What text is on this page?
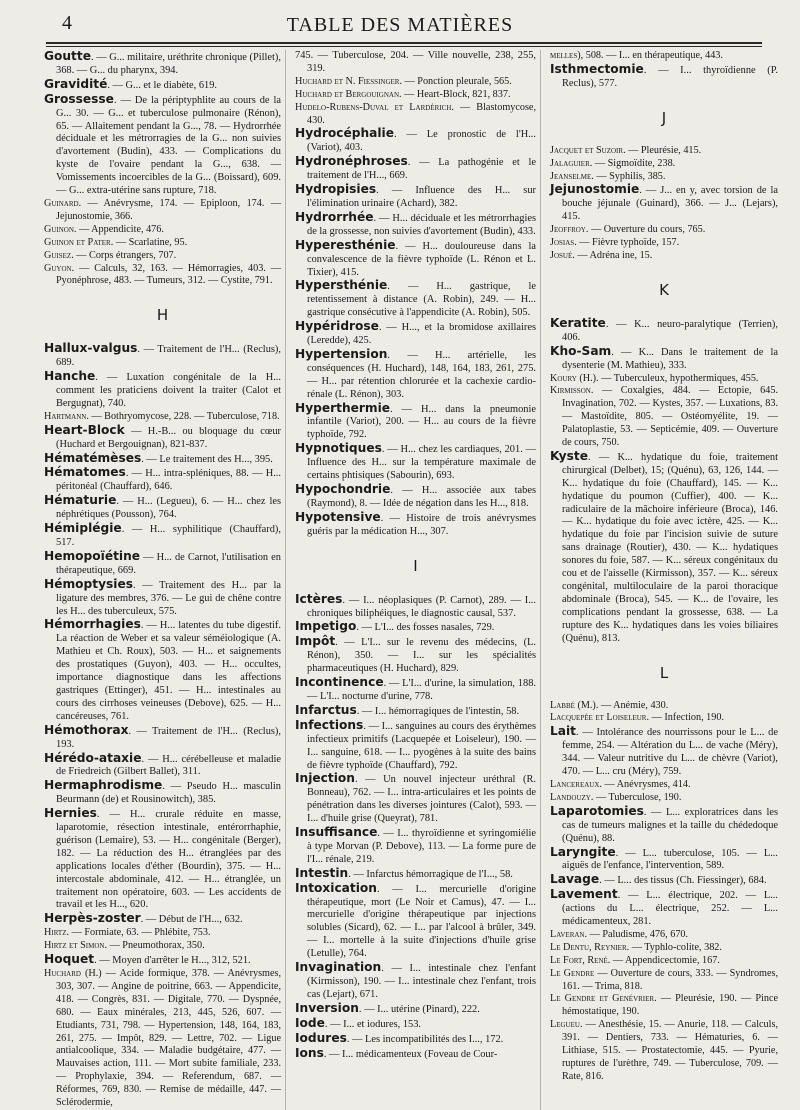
4	TABLE DES MATIÈRES

Goutte. — G... militaire, uréthrite chronique (Pillet), 368. — G... du pharynx, 394.

Gravidité. — G... et le diabète, 619.

Grossesse. — De la périptyphlite au cours de la G... 30. — G... et tuberculose pulmonaire (Rénon), 65. — Allaitement pendant la G..., 78. — Hydrorrhée déciduale et les métrorragies de la G... non suivies d'avortement (Budin), 433. — Complications du kyste de l'ovaire pendant la G..., 638. — Vomissements incoercibles de la G... (Boissard), 609. — G... extra-utérine sans rupture, 718.

Guinard. — Anévrysme, 174. — Epiploon, 174. — Jejunostomie, 366.

Guinon. — Appendicite, 476.

Guinon et Pater. — Scarlatine, 95.

Guisez. — Corps étrangers, 707.

Guyon. — Calculs, 32, 163. — Hémorragies, 403. — Pyonéphrose, 483. — Tumeurs, 312. — Cystite, 791.

H

Hallux-valgus. — Traitement de l'H... (Reclus), 689.

Hanche. — Luxation congénitale de la H... comment les praticiens doivent la traiter (Calot et Bergugnat), 740.

Hartmann. — Bothryomycose, 228. — Tuberculose, 718.

Heart-Block — H.-B... ou bloquage du cœur (Huchard et Bergouignan), 821-837.

Hématémèses. — Le traitement des H..., 395.

Hématomes. — H... intra-spléniques, 88. — H... péritonéal (Chauffard), 646.

Hématurie. — H... (Legueu), 6. — H... chez les néphrétiques (Pousson), 764.

Hémiplégie. — H... syphilitique (Chauffard), 517.

Hemopoïétine — H... de Carnot, l'utilisation en thérapeutique, 669.

Hémoptysies. — Traitement des H... par la ligature des membres, 376. — Le gui de chêne contre les H... des tuberculeux, 575.

Hémorrhagies. — H... latentes du tube digestif. La réaction de Weber et sa valeur séméiologique (A. Mathieu et Ch. Roux), 503. — H... et saignements des prostatiques (Guyon), 403. — H... occultes, importance diagnostique dans les affections gastriques (Ettinger), 451. — H... intestinales au cours des cirrhoses veineuses (Debove), 625. — H... cancéreuses, 761.

Hémothorax. — Traitement de l'H... (Reclus), 193.

Hérédo-ataxie. — H... cérébelleuse et maladie de Friedreich (Gilbert Ballet), 311.

Hermaphrodisme. — Pseudo H... masculin Beurmann (de) et Rousinowitch), 385.

Hernies. — H... crurale réduite en masse, laparotomie, résection intestinale, entérorrhaphie, guérison (Lemaire), 53. — H... congénitale (Berger), 182. — La réduction des H... étranglées par des applications locales d'éther (Bourdin), 375. — H... intercostale abdominale, 412. — H... étranglée, un traitement non opératoire, 603. — Les accidents de travail et les H..., 620.

Herpès-zoster. — Début de l'H..., 632.

Hirtz. — Formiate, 63. — Phlébite, 753.

Hirtz et Simon. — Pneumothorax, 350.

Hoquet. — Moyen d'arrêter le H..., 312, 521.

Huchard (H.) — Acide formique, 378. — Anévrysmes, 303, 307. — Angine de poitrine, 663. — Appendicite, 418. — Congrès, 831. — Digitale, 770. — Dyspnée, 680. — Eaux minérales, 213, 445, 526, 607. — Etudiants, 731, 798. — Hypertension, 148, 164, 183, 261, 275. — Impôt, 829. — Lettre, 702. — Ligue antialcoolique, 334. — Maladie budgétaire, 477. — Mauvaises action, 111. — Mort subite familiale, 233. — Prophylaxie, 394. — Referendum, 687. — Réformes, 769, 830. — Remise de médaille, 447. — Sclérodermie,

745. — Tuberculose, 204. — Ville nouvelle, 238, 255, 319.

Huchard et N. Fiessinger. — Ponction pleurale, 565.

Huchard et Bergouignan. — Heart-Block, 821, 837.

Hudelo-Rubens-Duval et Lardérich. — Blastomycose, 430.

Hydrocéphalie. — Le pronostic de l'H... (Variot), 403.

Hydronéphroses. — La pathogénie et le traitement de l'H..., 669.

Hydropisies. — Influence des H... sur l'élimination urinaire (Achard), 382.

Hydrorrhée. — H... déciduale et les métrorrhagies de la grossesse, non suivies d'avortement (Budin), 433.

Hyperesthénie. — H... douloureuse dans la convalescence de la fièvre typhoïde (L. Rénon et L. Tixier), 415.

Hypersthénie. — H... gastrique, le retentissement à distance (A. Robin), 249. — H... gastrique consécutive à l'appendicite (A. Robin), 505.

Hypéridrose. — H..., et la bromidose axillaires (Leredde), 425.

Hypertension. — H... artérielle, les conséquences (H. Huchard), 148, 164, 183, 261, 275. — H... par rétention chlorurée et la cachexie cardio-rénale (L. Rénon), 303.

Hyperthermie. — H... dans la pneumonie infantile (Variot), 200. — H... au cours de la fièvre typhoïde, 792.

Hypnotiques. — H... chez les cardiaques, 201. — Influence des H... sur la température maximale de certains phtisiques (Sabourin), 693.

Hypochondrie. — H... associée aux tabes (Raymond), 8. — Idée de négation dans les H..., 818.

Hypotensive. — Histoire de trois anévrysmes guéris par la médication H..., 307.

I

Ictères. — I... néoplasiques (P. Carnot), 289. — I... chroniques biliphéiques, le diagnostic causal, 537.

Impetigo. — L'I... des fosses nasales, 729.

Impôt. — L'I... sur le revenu des médecins, (L. Rénon), 350. — I... sur les spécialités pharmaceutiques (H. Huchard), 829.

Incontinence. — L'I... d'urine, la simulation, 188. — L'I... nocturne d'urine, 778.

Infarctus. — I... hémorragiques de l'intestin, 58.

Infections. — I... sanguines au cours des érythèmes infectieux primitifs (Lacquepée et Loiseleur), 190. — I... sanguine, 618. — I... pyogènes à la suite des bains de fièvre typhoïde (Chauffard), 792.

Injection. — Un nouvel injecteur uréthral (R. Bonneau), 762. — I... intra-articulaires et les points de pénétration dans les diverses jointures (Calot), 593. — I... d'huile grise (Queyrat), 781.

Insuffisance. — I... thyroïdienne et syringomiélie à type Morvan (P. Debove), 113. — La forme pure de l'I... rénale, 219.

Intestin. — Infarctus hémorragique de l'I..., 58.

Intoxication. — I... mercurielle d'origine thérapeutique, mort (Le Noir et Camus), 47. — I... mercurielle d'origine thérapeutique par injections solubles (Sicard), 62. — I... par l'alcool à brûler, 349. — I... mortelle à la suite d'injections d'huile grise (Letulle), 764.

Invagination. — I... intestinale chez l'enfant (Kirmisson), 190. — I... intestinale chez l'enfant, trois cas (Lejart), 671.

Inversion. — I... utérine (Pinard), 222.

Iode. — I... et iodures, 153.

Iodures. — Les incompatibilités des I..., 172.

Ions. — I... médicamenteux (Foveau de Cour-

melles), 508. — I... en thérapeutique, 443.

Isthmectomie. — I... thyroïdienne (P. Reclus), 577.

J

Jacquet et Suzoir. — Pleurésie, 415.

Jalaguier. — Sigmoïdite, 238.

Jeanselme. — Syphilis, 385.

Jejunostomie. — J... en y, avec torsion de la bouche jéjunale (Guinard), 366. — J... (Lejars), 415.

Jeoffroy. — Ouverture du cours, 765.

Josias. — Fièvre typhoïde, 157.

Josué. — Adréna ine, 15.

K

Keratite. — K... neuro-paralytique (Terrien), 406.

Kho-Sam. — K... Dans le traitement de la dysenterie (M. Mathieu), 333.

Koury (H.). — Tuberculeux, hypothermiques, 455.

Kirmisson. — Coxalgies, 484. — Ectopie, 645. Invagination, 702. — Kystes, 357. — Luxations, 83. — Mastoïdite, 805. — Ostéomyélite, 19. — Palatoplastie, 53. — Septicémie, 409. — Ouverture de cours, 750.

Kyste. — K... hydatique du foie, traitement chirurgical (Delbet), 15; (Quénu), 63, 126, 144. — K... hydatique du foie (Chauffard), 145. — K... hydatique du poumon (Cuffier), 400. — K... radiculaire de la mâchoire inférieure (Broca), 146. — K... hydatique du foie avec ictère, 425. — K... hydatique du foie par l'incision suivie de suture sans drainage (Routier), 430. — K... hydatiques sonores du foie, 587. — K... séreux congénitaux du cou et de l'aisselle (Kirmisson), 357. — K... séreux congénital, multiloculaire de la paroi thoracique abdominale (Broca), 545. — K... de l'ovaire, les complications pendant la grossesse, 638. — La rupture des K... hydatiques dans les voies biliaires (Quénu), 813.

L

Labbé (M.). — Anémie, 430.

Lacquepée et Loiseleur. — Infection, 190.

Lait. — Intolérance des nourrissons pour le L... de femme, 254. — Altération du L... de vache (Méry), 344. — Valeur nutritive du L... de chèvre (Variot), 470. — L... cru (Méry), 759.

Lancereaux. — Anévrysmes, 414.

Landouzy. — Tuberculose, 190.

Laparotomies. — L... exploratrices dans les cas de tumeurs malignes et la taille du chédedoque (Quénu), 88.

Laryngite. — L... tuberculose, 105. — L... aiguës de l'enfance, l'intervention, 589.

Lavage. — L... des tissus (Ch. Fiessinger), 684.

Lavement. — L... électrique, 202. — L... (actions du L... électrique, 252. — L... médicamenteux, 281.

Laveran. — Paludisme, 476, 670.

Le Dentu, Reynier. — Typhlo-colite, 382.

Le Fort, René. — Appendicectomie, 167.

Le Gendre — Ouverture de cours, 333. — Syndromes, 161. — Trima, 818.

Le Gendre et Genévrier. — Pleurésie, 190. — Pince hémostatique, 190.

Legueu. — Anesthésie, 15. — Anurie, 118. — Calculs, 391. — Dentiers, 733. — Hématuries, 6. — Lithiase, 515. — Prostatectomie, 445. — Pyurie, ruptures de l'urèthre, 749. — Tuberculose, 709. — Rate, 816.
